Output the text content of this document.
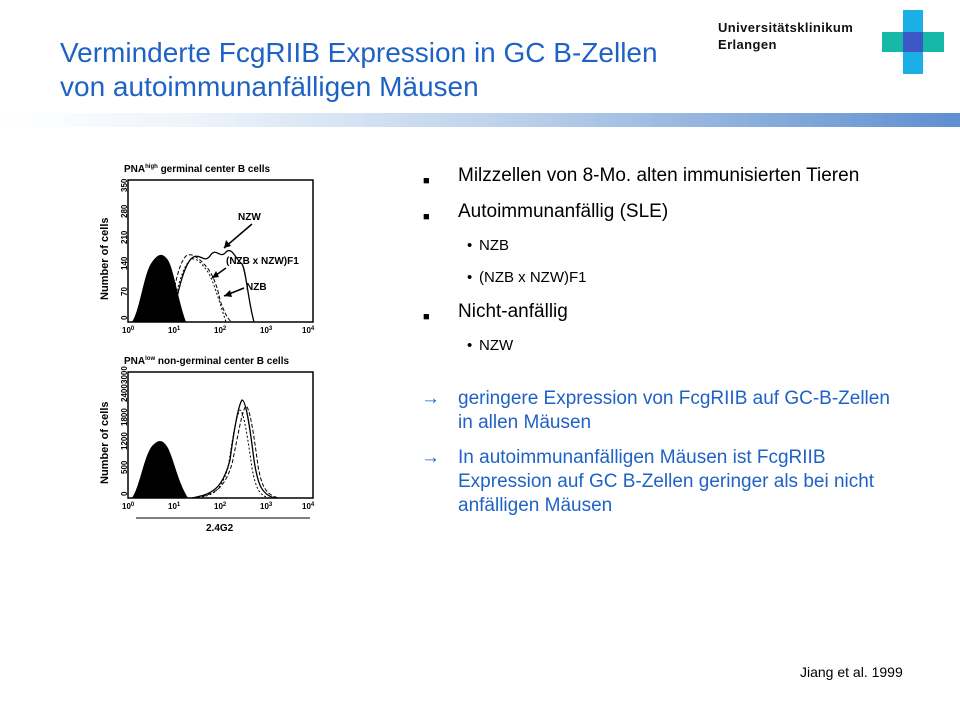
Verminderte FcgRIIB Expression in GC B-Zellen von autoimmunanfälligen Mäusen
Universitätsklinikum
Erlangen
$PNA^{high}$ germinal center B cells
0
70
140
210
280
350
Number of cells	NZW
(NZB x NZW)F1
NZB
$10^0$	$10^1$	$10^2$	$10^3$	$10^4$
$PNA^{low}$ non-germinal center B cells
0
500
1200
1800
2400
3000
Number of cells
$10^0$	$10^1$	$10^2$	$10^3$	$10^4$
2.4G2
■ Milzzellen von 8-Mo. alten immunisierten Tieren
■ Autoimmunanfällig (SLE)
• NZB
• (NZB x NZW)F1
■ Nicht-anfällig
• NZW
→ geringere Expression von FcgRIIB auf GC-B-Zellen in allen Mäusen
→ In autoimmunanfälligen Mäusen ist FcgRIIB Expression auf GC B-Zellen geringer als bei nicht anfälligen Mäusen
Jiang et al. 1999
